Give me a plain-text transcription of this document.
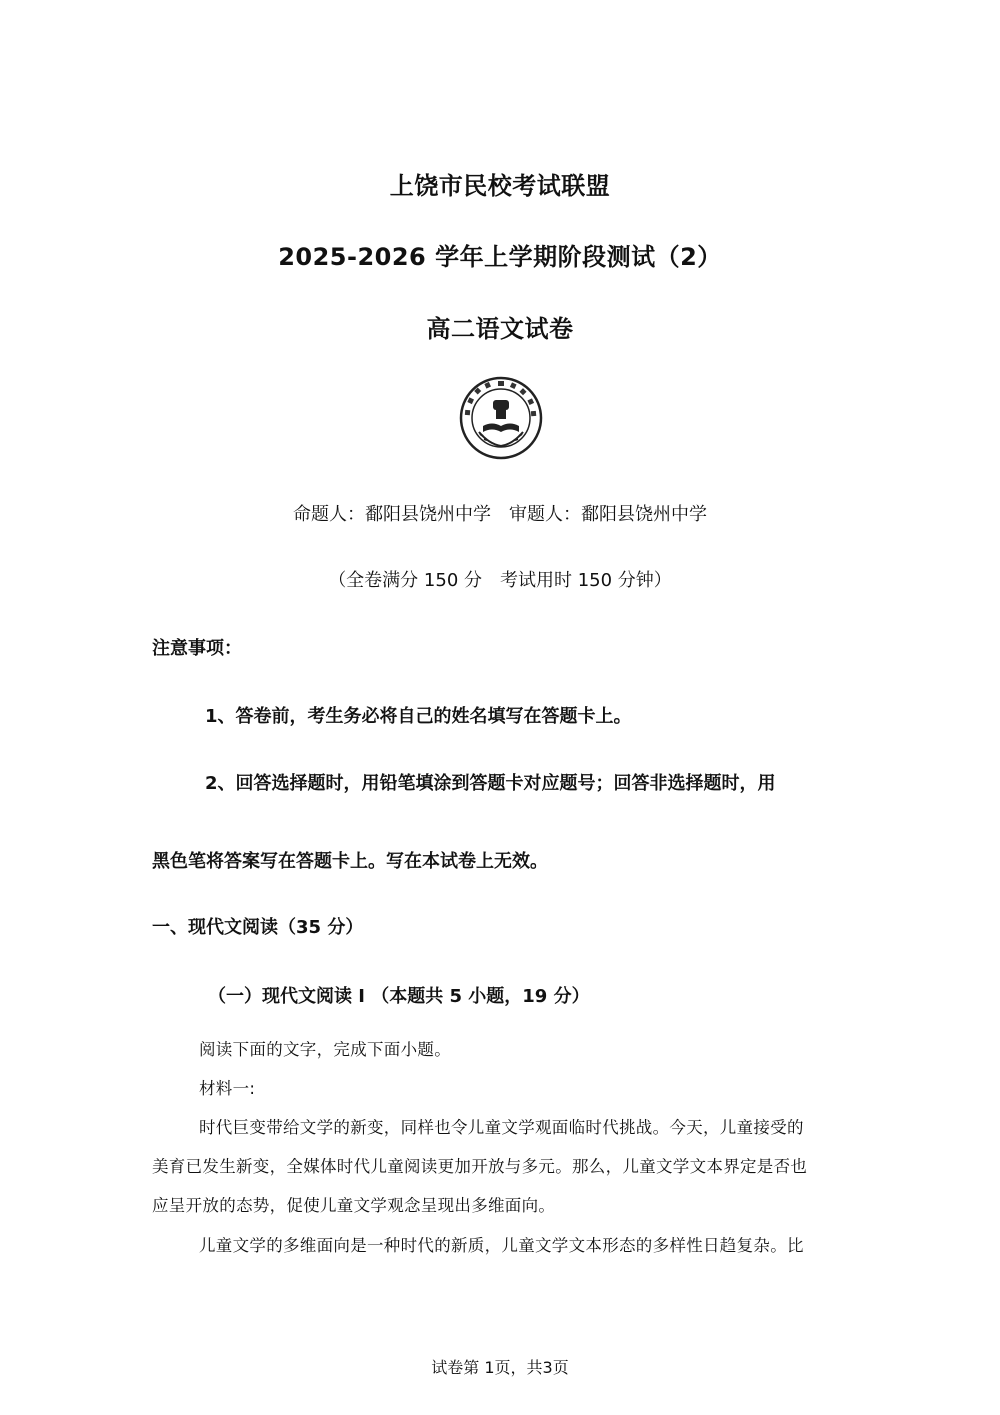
上饶市民校考试联盟
2025-2026 学年上学期阶段测试（2）
高二语文试卷
命题人：鄱阳县饶州中学　审题人：鄱阳县饶州中学
（全卷满分 150 分　考试用时 150 分钟）
注意事项：
1、答卷前，考生务必将自己的姓名填写在答题卡上。
2、回答选择题时，用铅笔填涂到答题卡对应题号；回答非选择题时，用
黑色笔将答案写在答题卡上。写在本试卷上无效。
一、现代文阅读（35 分）
（一）现代文阅读 I （本题共 5 小题，19 分）
阅读下面的文字，完成下面小题。
材料一:
时代巨变带给文学的新变，同样也令儿童文学观面临时代挑战。今天，儿童接受的
美育已发生新变，全媒体时代儿童阅读更加开放与多元。那么，儿童文学文本界定是否也
应呈开放的态势，促使儿童文学观念呈现出多维面向。
儿童文学的多维面向是一种时代的新质，儿童文学文本形态的多样性日趋复杂。比
试卷第 1页，共3页
